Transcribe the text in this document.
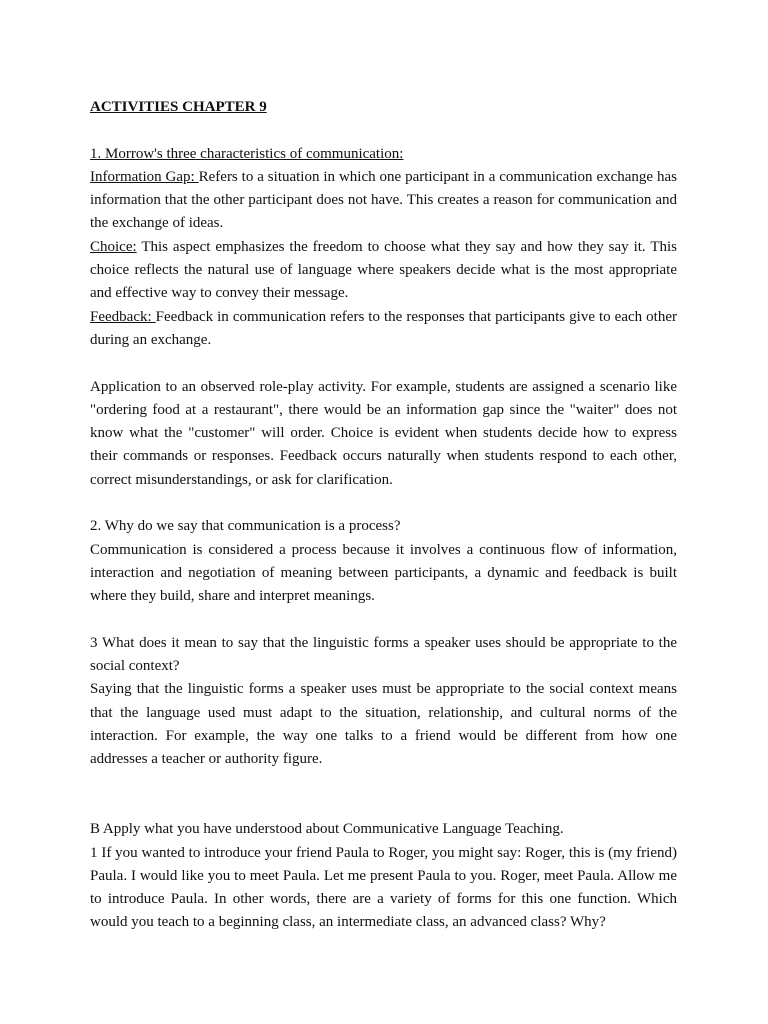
ACTIVITIES CHAPTER 9

1. Morrow's three characteristics of communication:

Information Gap: Refers to a situation in which one participant in a communication exchange has information that the other participant does not have. This creates a reason for communication and the exchange of ideas.

Choice: This aspect emphasizes the freedom to choose what they say and how they say it. This choice reflects the natural use of language where speakers decide what is the most appropriate and effective way to convey their message.

Feedback: Feedback in communication refers to the responses that participants give to each other during an exchange.

Application to an observed role-play activity. For example, students are assigned a scenario like "ordering food at a restaurant", there would be an information gap since the "waiter" does not know what the "customer" will order. Choice is evident when students decide how to express their commands or responses. Feedback occurs naturally when students respond to each other, correct misunderstandings, or ask for clarification.

2. Why do we say that communication is a process?

Communication is considered a process because it involves a continuous flow of information, interaction and negotiation of meaning between participants, a dynamic and feedback is built where they build, share and interpret meanings.

3 What does it mean to say that the linguistic forms a speaker uses should be appropriate to the social context?

Saying that the linguistic forms a speaker uses must be appropriate to the social context means that the language used must adapt to the situation, relationship, and cultural norms of the interaction. For example, the way one talks to a friend would be different from how one addresses a teacher or authority figure.

B Apply what you have understood about Communicative Language Teaching.

1 If you wanted to introduce your friend Paula to Roger, you might say: Roger, this is (my friend) Paula. I would like you to meet Paula. Let me present Paula to you. Roger, meet Paula. Allow me to introduce Paula. In other words, there are a variety of forms for this one function. Which would you teach to a beginning class, an intermediate class, an advanced class? Why?
